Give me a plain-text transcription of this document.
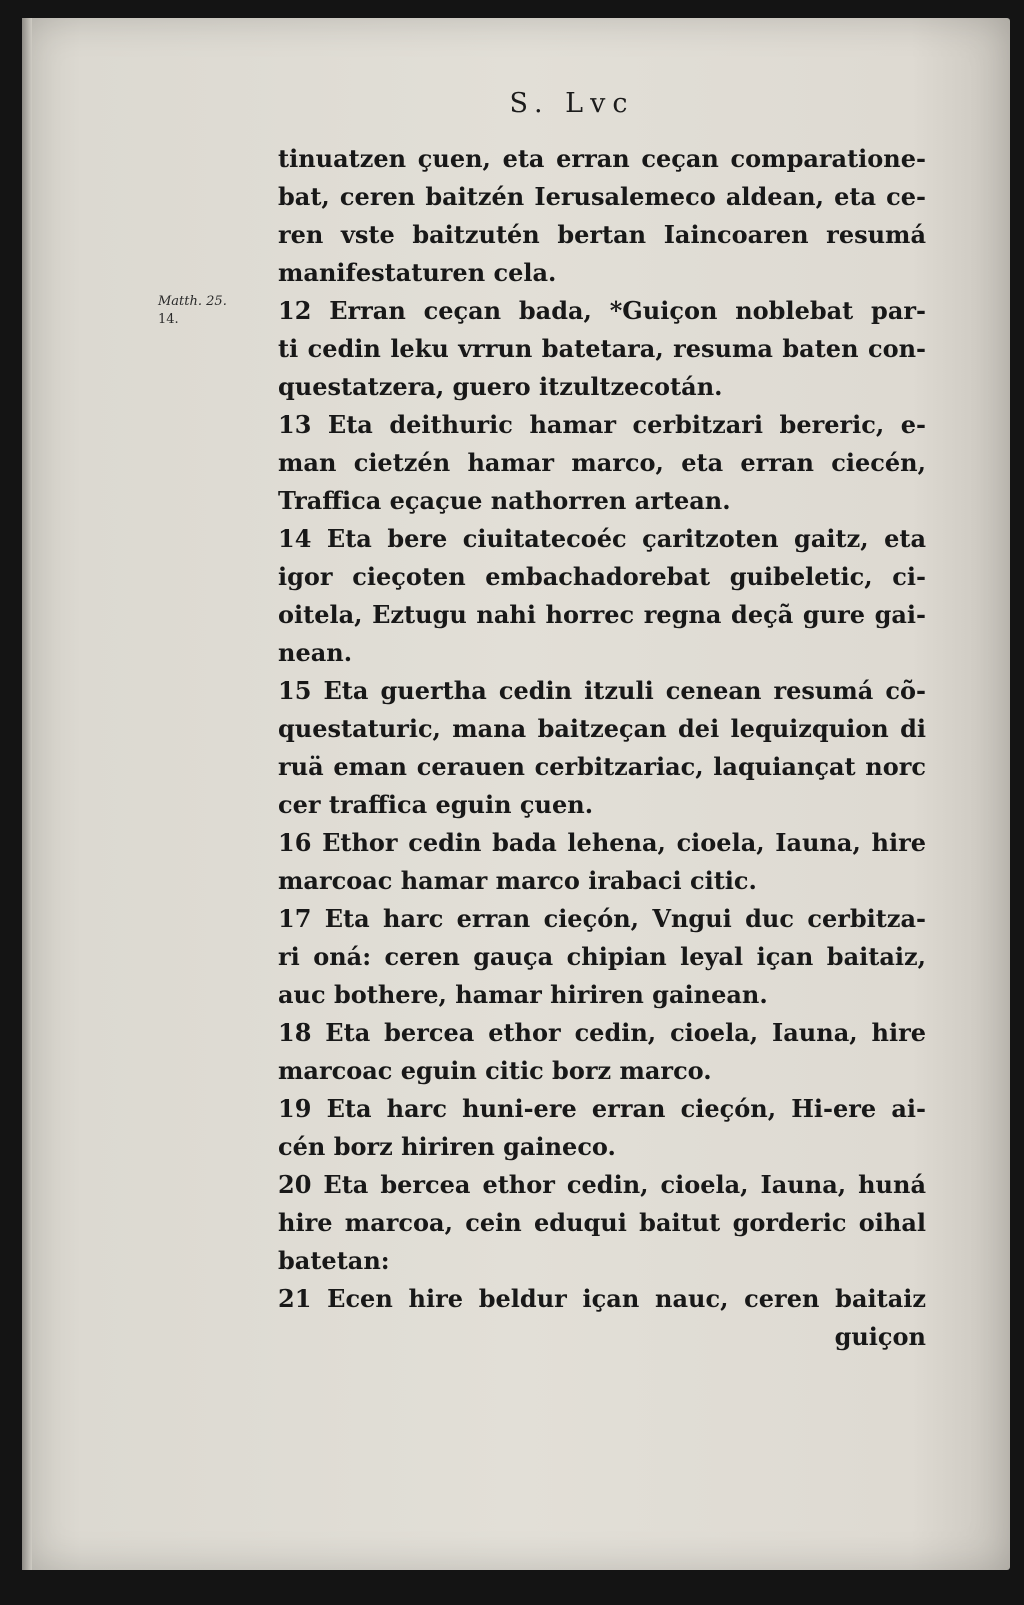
S. Lvc
Matth. 25.
14.
tinuatzen çuen, eta erran ceçan comparatione-
bat, ceren baitzén Ierusalemeco aldean, eta ce-
ren vste baitzutén bertan Iaincoaren resumá
manifestaturen cela.
12 Erran ceçan bada, *Guiçon noblebat par-
ti cedin leku vrrun batetara, resuma baten con-
questatzera, guero itzultzecotán.
13 Eta deithuric hamar cerbitzari bereric, e-
man cietzén hamar marco, eta erran ciecén,
Traffica eçaçue nathorren artean.
14 Eta bere ciuitatecoéc çaritzoten gaitz, eta
igor cieçoten embachadorebat guibeletic, ci-
oitela, Eztugu nahi horrec regna deçã gure gai-
nean.
15 Eta guertha cedin itzuli cenean resumá cõ-
questaturic, mana baitzeçan dei lequizquion di
ruä eman cerauen cerbitzariac, laquiançat norc
cer traffica eguin çuen.
16 Ethor cedin bada lehena, cioela, Iauna, hire
marcoac hamar marco irabaci citic.
17 Eta harc erran cieçón, Vngui duc cerbitza-
ri oná: ceren gauça chipian leyal içan baitaiz,
auc bothere, hamar hiriren gainean.
18 Eta bercea ethor cedin, cioela, Iauna, hire
marcoac eguin citic borz marco.
19 Eta harc huni-ere erran cieçón, Hi-ere ai-
cén borz hiriren gaineco.
20 Eta bercea ethor cedin, cioela, Iauna, huná
hire marcoa, cein eduqui baitut gorderic oihal
batetan:
21 Ecen hire beldur içan nauc, ceren baitaiz
guiçon
